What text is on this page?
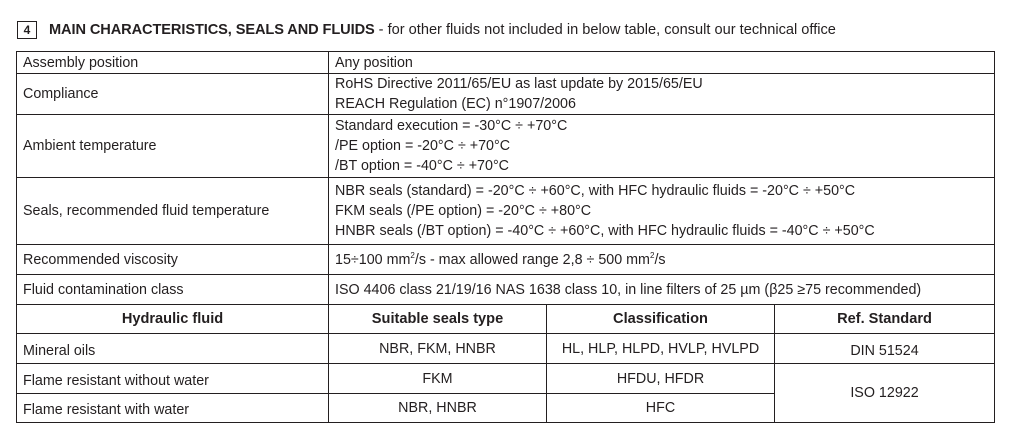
4	MAIN CHARACTERISTICS, SEALS AND FLUIDS - for other fluids not included in below table, consult our technical office
Assembly position	Any position		

Compliance	RoHS Directive 2011/65/EU as last update by 2015/65/EU
REACH Regulation (EC) n°1907/2006		

Ambient temperature	Standard execution = -30°C ÷ +70°C
/PE option = -20°C ÷ +70°C
/BT option = -40°C ÷ +70°C		

Seals, recommended fluid temperature	NBR seals (standard) = -20°C ÷ +60°C, with HFC hydraulic fluids = -20°C ÷ +50°C
FKM seals (/PE option) = -20°C ÷ +80°C
HNBR seals (/BT option) = -40°C ÷ +60°C, with HFC hydraulic fluids = -40°C ÷ +50°C		

Recommended viscosity	15÷100 $mm^2/s$ - max allowed range 2,8 ÷ 500 $mm^2/s$		

Fluid contamination class	ISO 4406 class 21/19/16 NAS 1638 class 10, in line filters of 25 µm (β25 ≥75 recommended)		

Hydraulic fluid	Suitable seals type	Classification	Ref. Standard
Mineral oils	NBR, FKM, HNBR	HL, HLP, HLPD, HVLP, HVLPD	DIN 51524
Flame resistant without water	FKM	HFDU, HFDR	ISO 12922
Flame resistant with water	NBR, HNBR	HFC	
